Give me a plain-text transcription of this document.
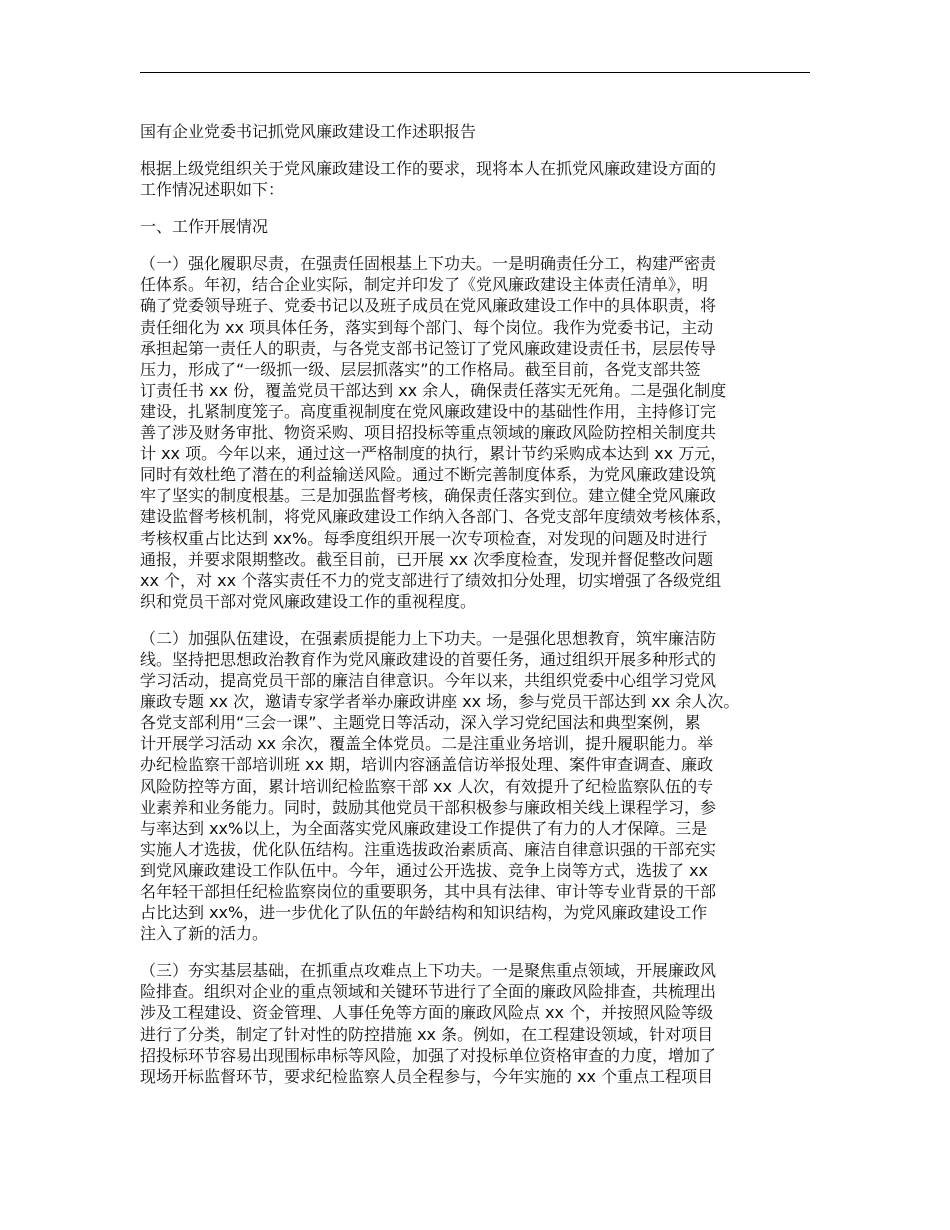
国有企业党委书记抓党风廉政建设工作述职报告
根据上级党组织关于党风廉政建设工作的要求，现将本人在抓党风廉政建设方面的
工作情况述职如下：
一、工作开展情况
（一）强化履职尽责，在强责任固根基上下功夫。一是明确责任分工，构建严密责
任体系。年初，结合企业实际，制定并印发了《党风廉政建设主体责任清单》，明
确了党委领导班子、党委书记以及班子成员在党风廉政建设工作中的具体职责，将
责任细化为 xx 项具体任务，落实到每个部门、每个岗位。我作为党委书记，主动
承担起第一责任人的职责，与各党支部书记签订了党风廉政建设责任书，层层传导
压力，形成了“一级抓一级、层层抓落实”的工作格局。截至目前，各党支部共签
订责任书 xx 份，覆盖党员干部达到 xx 余人，确保责任落实无死角。二是强化制度
建设，扎紧制度笼子。高度重视制度在党风廉政建设中的基础性作用，主持修订完
善了涉及财务审批、物资采购、项目招投标等重点领域的廉政风险防控相关制度共
计 xx 项。今年以来，通过这一严格制度的执行，累计节约采购成本达到 xx 万元，
同时有效杜绝了潜在的利益输送风险。通过不断完善制度体系，为党风廉政建设筑
牢了坚实的制度根基。三是加强监督考核，确保责任落实到位。建立健全党风廉政
建设监督考核机制，将党风廉政建设工作纳入各部门、各党支部年度绩效考核体系，
考核权重占比达到 xx%。每季度组织开展一次专项检查，对发现的问题及时进行
通报，并要求限期整改。截至目前，已开展 xx 次季度检查，发现并督促整改问题
xx 个，对 xx 个落实责任不力的党支部进行了绩效扣分处理，切实增强了各级党组
织和党员干部对党风廉政建设工作的重视程度。
（二）加强队伍建设，在强素质提能力上下功夫。一是强化思想教育，筑牢廉洁防
线。坚持把思想政治教育作为党风廉政建设的首要任务，通过组织开展多种形式的
学习活动，提高党员干部的廉洁自律意识。今年以来，共组织党委中心组学习党风
廉政专题 xx 次，邀请专家学者举办廉政讲座 xx 场，参与党员干部达到 xx 余人次。
各党支部利用“三会一课”、主题党日等活动，深入学习党纪国法和典型案例，累
计开展学习活动 xx 余次，覆盖全体党员。二是注重业务培训，提升履职能力。举
办纪检监察干部培训班 xx 期，培训内容涵盖信访举报处理、案件审查调查、廉政
风险防控等方面，累计培训纪检监察干部 xx 人次，有效提升了纪检监察队伍的专
业素养和业务能力。同时，鼓励其他党员干部积极参与廉政相关线上课程学习，参
与率达到 xx%以上，为全面落实党风廉政建设工作提供了有力的人才保障。三是
实施人才选拔，优化队伍结构。注重选拔政治素质高、廉洁自律意识强的干部充实
到党风廉政建设工作队伍中。今年，通过公开选拔、竞争上岗等方式，选拔了 xx
名年轻干部担任纪检监察岗位的重要职务，其中具有法律、审计等专业背景的干部
占比达到 xx%，进一步优化了队伍的年龄结构和知识结构，为党风廉政建设工作
注入了新的活力。
（三）夯实基层基础，在抓重点攻难点上下功夫。一是聚焦重点领域，开展廉政风
险排查。组织对企业的重点领域和关键环节进行了全面的廉政风险排查，共梳理出
涉及工程建设、资金管理、人事任免等方面的廉政风险点 xx 个，并按照风险等级
进行了分类，制定了针对性的防控措施 xx 条。例如，在工程建设领域，针对项目
招投标环节容易出现围标串标等风险，加强了对投标单位资格审查的力度，增加了
现场开标监督环节，要求纪检监察人员全程参与，今年实施的 xx 个重点工程项目
